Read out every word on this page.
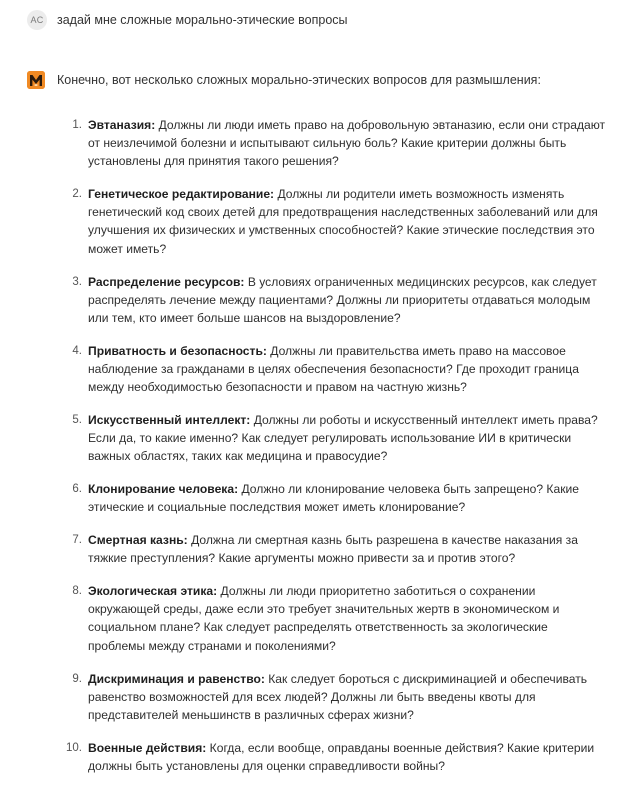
AC задай мне сложные морально-этические вопросы
Конечно, вот несколько сложных морально-этических вопросов для размышления:
1. Эвтаназия: Должны ли люди иметь право на добровольную эвтаназию, если они страдают от неизлечимой болезни и испытывают сильную боль? Какие критерии должны быть установлены для принятия такого решения?
2. Генетическое редактирование: Должны ли родители иметь возможность изменять генетический код своих детей для предотвращения наследственных заболеваний или для улучшения их физических и умственных способностей? Какие этические последствия это может иметь?
3. Распределение ресурсов: В условиях ограниченных медицинских ресурсов, как следует распределять лечение между пациентами? Должны ли приоритеты отдаваться молодым или тем, кто имеет больше шансов на выздоровление?
4. Приватность и безопасность: Должны ли правительства иметь право на массовое наблюдение за гражданами в целях обеспечения безопасности? Где проходит граница между необходимостью безопасности и правом на частную жизнь?
5. Искусственный интеллект: Должны ли роботы и искусственный интеллект иметь права? Если да, то какие именно? Как следует регулировать использование ИИ в критически важных областях, таких как медицина и правосудие?
6. Клонирование человека: Должно ли клонирование человека быть запрещено? Какие этические и социальные последствия может иметь клонирование?
7. Смертная казнь: Должна ли смертная казнь быть разрешена в качестве наказания за тяжкие преступления? Какие аргументы можно привести за и против этого?
8. Экологическая этика: Должны ли люди приоритетно заботиться о сохранении окружающей среды, даже если это требует значительных жертв в экономическом и социальном плане? Как следует распределять ответственность за экологические проблемы между странами и поколениями?
9. Дискриминация и равенство: Как следует бороться с дискриминацией и обеспечивать равенство возможностей для всех людей? Должны ли быть введены квоты для представителей меньшинств в различных сферах жизни?
10. Военные действия: Когда, если вообще, оправданы военные действия? Какие критерии должны быть установлены для оценки справедливости войны?
